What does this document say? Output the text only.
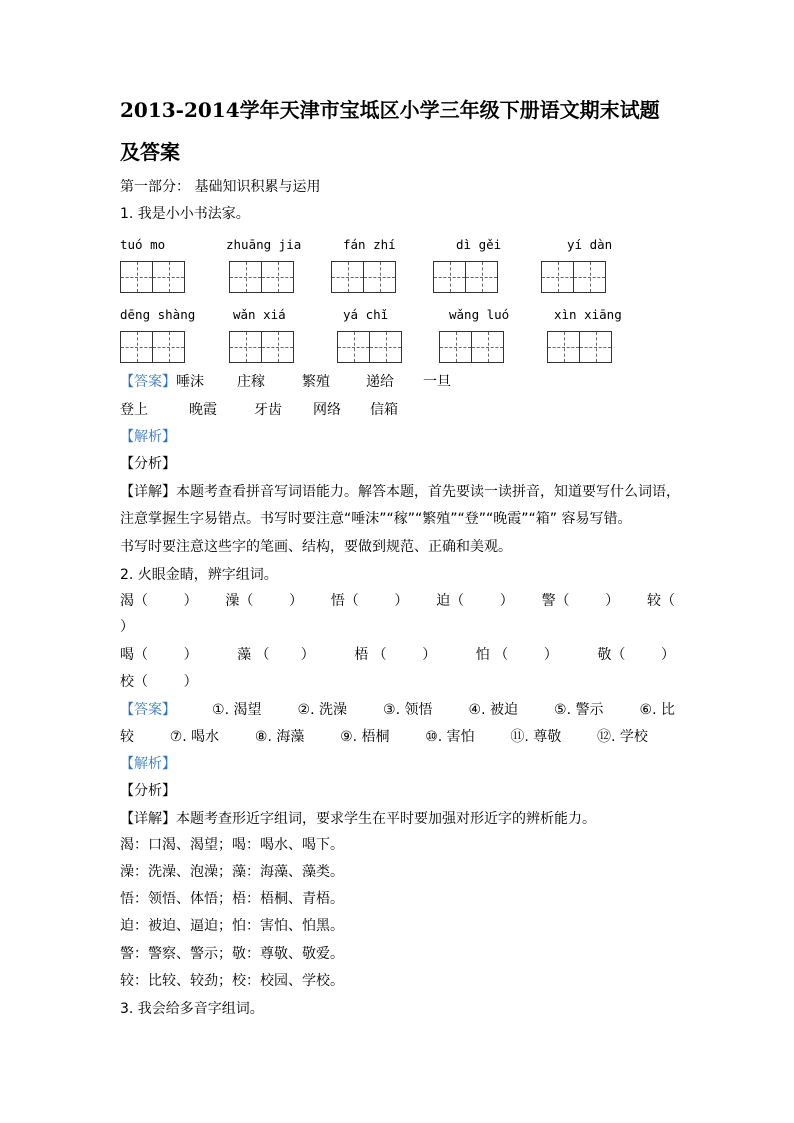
2013-2014学年天津市宝坻区小学三年级下册语文期末试题
及答案
第一部分： 基础知识积累与运用
1. 我是小小书法家。
tuó mo	zhuāng jia	fán zhí	dì gěi	yí dàn
dēng shàng	wǎn xiá	yá chǐ	wǎng luó	xìn xiāng
【答案】 唾沫 庄稼	繁殖	递给 一旦
登上	晚霞	牙齿 网络 信箱
【解析】
【分析】
【详解】本题考查看拼音写词语能力。解答本题，首先要读一读拼音，知道要写什么词语，
注意掌握生字易错点。书写时要注意“唾沫”“稼”“繁殖”“登”“晚霞”“箱” 容易写错。
书写时要注意这些字的笔画、结构，要做到规范、正确和美观。
2. 火眼金睛，辨字组词。
渴（        ） 澡（        ） 悟（        ） 迫（        ） 警（        ） 较（
）
喝（        ）	藻 （       ）	梧 （        ）	怕 （        ）	敬（        ）
校（        ）
【答案】	①. 渴望	②. 洗澡	③. 领悟	④. 被迫	⑤. 警示	⑥. 比
较	⑦. 喝水	⑧. 海藻	⑨. 梧桐	⑩. 害怕	⑪. 尊敬	⑫. 学校
【解析】
【分析】
【详解】本题考查形近字组词，要求学生在平时要加强对形近字的辨析能力。
渴：口渴、渴望；喝：喝水、喝下。
澡：洗澡、泡澡；藻：海藻、藻类。
悟：领悟、体悟；梧：梧桐、青梧。
迫：被迫、逼迫；怕：害怕、怕黑。
警：警察、警示；敬：尊敬、敬爱。
较：比较、较劲；校：校园、学校。
3. 我会给多音字组词。
